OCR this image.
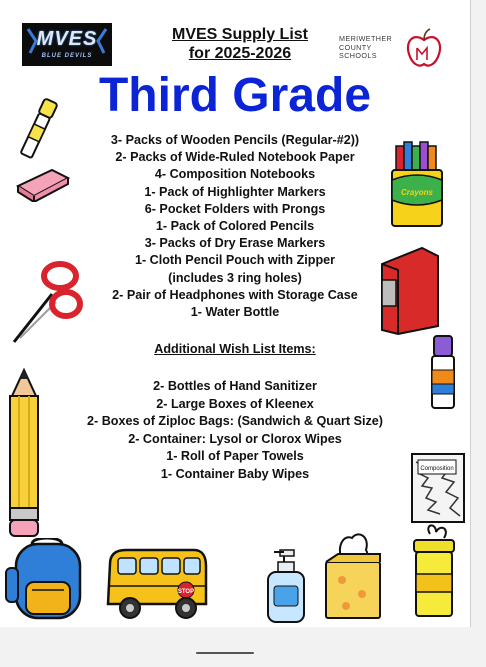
MVES
BLUE DEVILS
MVES Supply List
for 2025-2026
MERIWETHER
COUNTY SCHOOLS
Third Grade
3- Packs of Wooden Pencils (Regular-#2))
2- Packs of Wide-Ruled Notebook Paper
4- Composition Notebooks
1- Pack of Highlighter Markers
6- Pocket Folders with Prongs
1- Pack of Colored Pencils
3- Packs of Dry Erase Markers
1- Cloth Pencil Pouch with Zipper
(includes 3 ring holes)
2- Pair of Headphones with Storage Case
1- Water Bottle
Additional Wish List Items:
2- Bottles of Hand Sanitizer
2- Large Boxes of Kleenex
2- Boxes of Ziploc Bags: (Sandwich & Quart Size)
2- Container: Lysol or Clorox Wipes
1- Roll of Paper Towels
1- Container Baby Wipes
STOP
Crayons
Composition
